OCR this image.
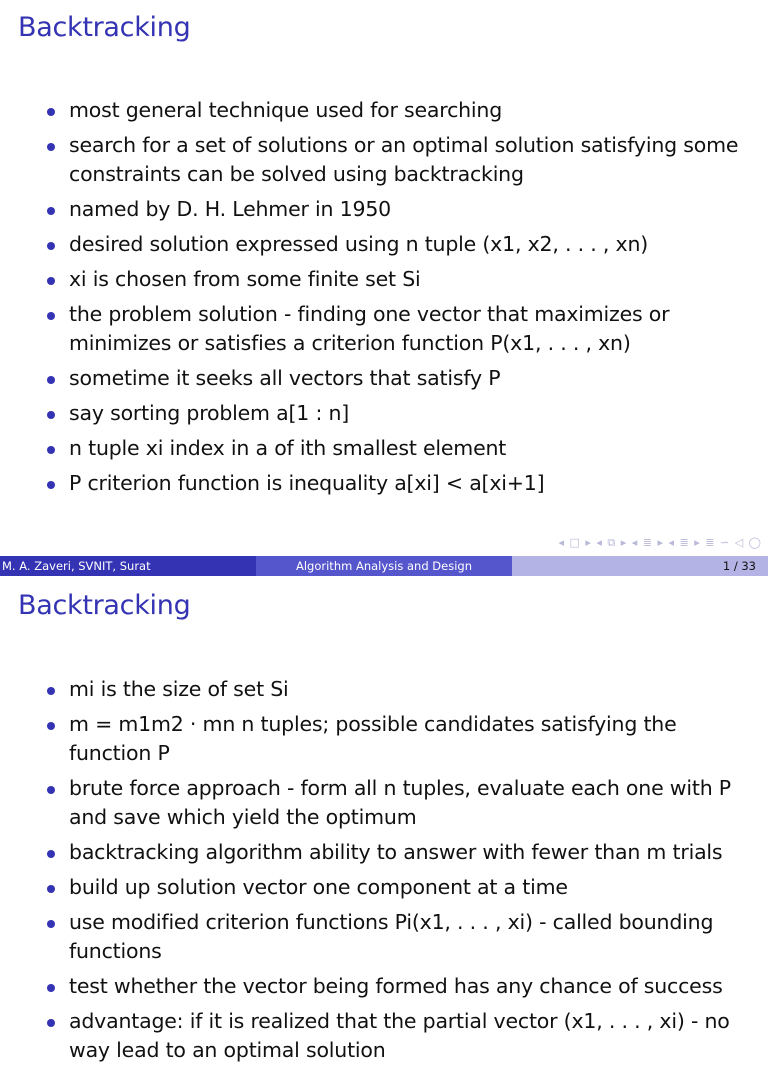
Backtracking
most general technique used for searching
search for a set of solutions or an optimal solution satisfying some constraints can be solved using backtracking
named by D. H. Lehmer in 1950
desired solution expressed using n tuple (x1, x2, . . . , xn)
xi is chosen from some finite set Si
the problem solution - finding one vector that maximizes or minimizes or satisfies a criterion function P(x1, . . . , xn)
sometime it seeks all vectors that satisfy P
say sorting problem a[1 : n]
n tuple xi index in a of ith smallest element
P criterion function is inequality a[xi] < a[xi+1]
◂ □ ▸ ◂ ⧉ ▸ ◂ ≣ ▸ ◂ ≣ ▸ ≣ ∽ ◁ ◯
M. A. Zaveri, SVNIT, Surat	Algorithm Analysis and Design	1 / 33
Backtracking
mi is the size of set Si
m = m1m2 · mn n tuples; possible candidates satisfying the function P
brute force approach - form all n tuples, evaluate each one with P and save which yield the optimum
backtracking algorithm ability to answer with fewer than m trials
build up solution vector one component at a time
use modified criterion functions Pi(x1, . . . , xi) - called bounding functions
test whether the vector being formed has any chance of success
advantage: if it is realized that the partial vector (x1, . . . , xi) - no way lead to an optimal solution
